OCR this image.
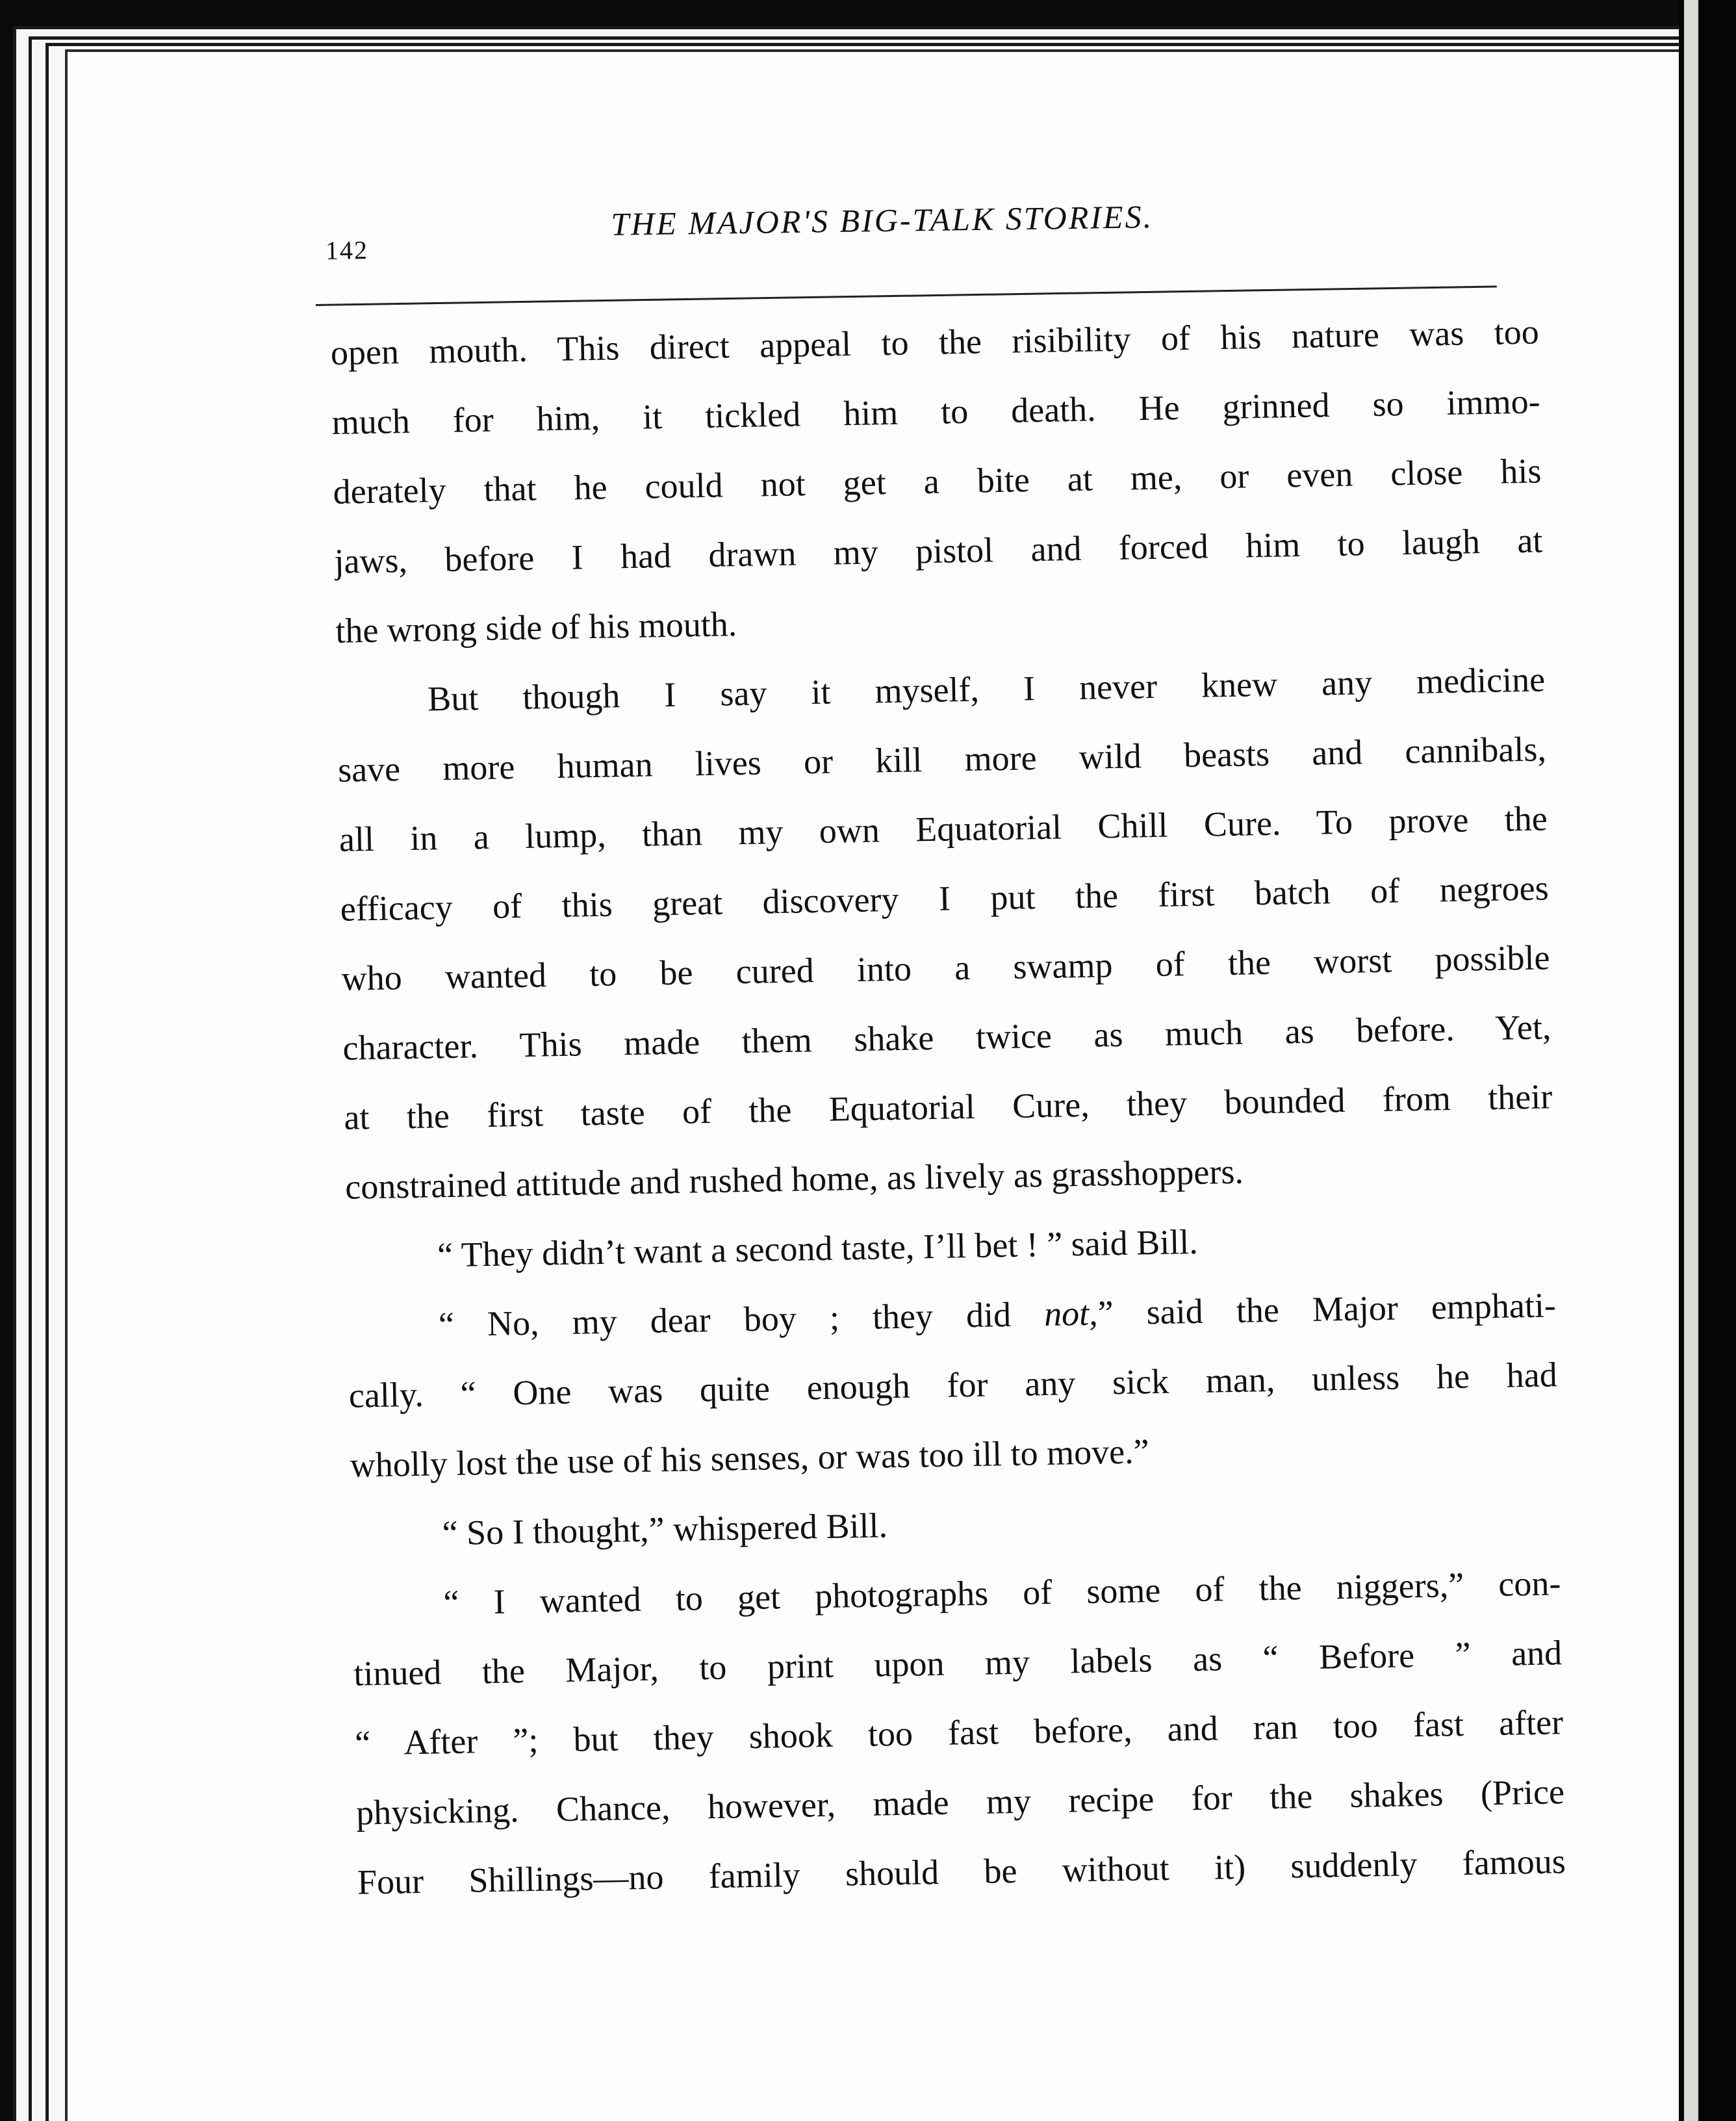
142
THE MAJOR'S BIG-TALK STORIES.
open mouth. This direct appeal to the risibility of his nature was too
much for him, it tickled him to death. He grinned so immo-
derately that he could not get a bite at me, or even close his
jaws, before I had drawn my pistol and forced him to laugh at
the wrong side of his mouth.
But though I say it myself, I never knew any medicine
save more human lives or kill more wild beasts and cannibals,
all in a lump, than my own Equatorial Chill Cure. To prove the
efficacy of this great discovery I put the first batch of negroes
who wanted to be cured into a swamp of the worst possible
character. This made them shake twice as much as before. Yet,
at the first taste of the Equatorial Cure, they bounded from their
constrained attitude and rushed home, as lively as grasshoppers.
“ They didn’t want a second taste, I’ll bet ! ” said Bill.
“ No, my dear boy ; they did not,” said the Major emphati-
cally. “ One was quite enough for any sick man, unless he had
wholly lost the use of his senses, or was too ill to move.”
“ So I thought,” whispered Bill.
“ I wanted to get photographs of some of the niggers,” con-
tinued the Major, to print upon my labels as “ Before ” and
“ After ”; but they shook too fast before, and ran too fast after
physicking. Chance, however, made my recipe for the shakes (Price
Four Shillings—no family should be without it) suddenly famous
